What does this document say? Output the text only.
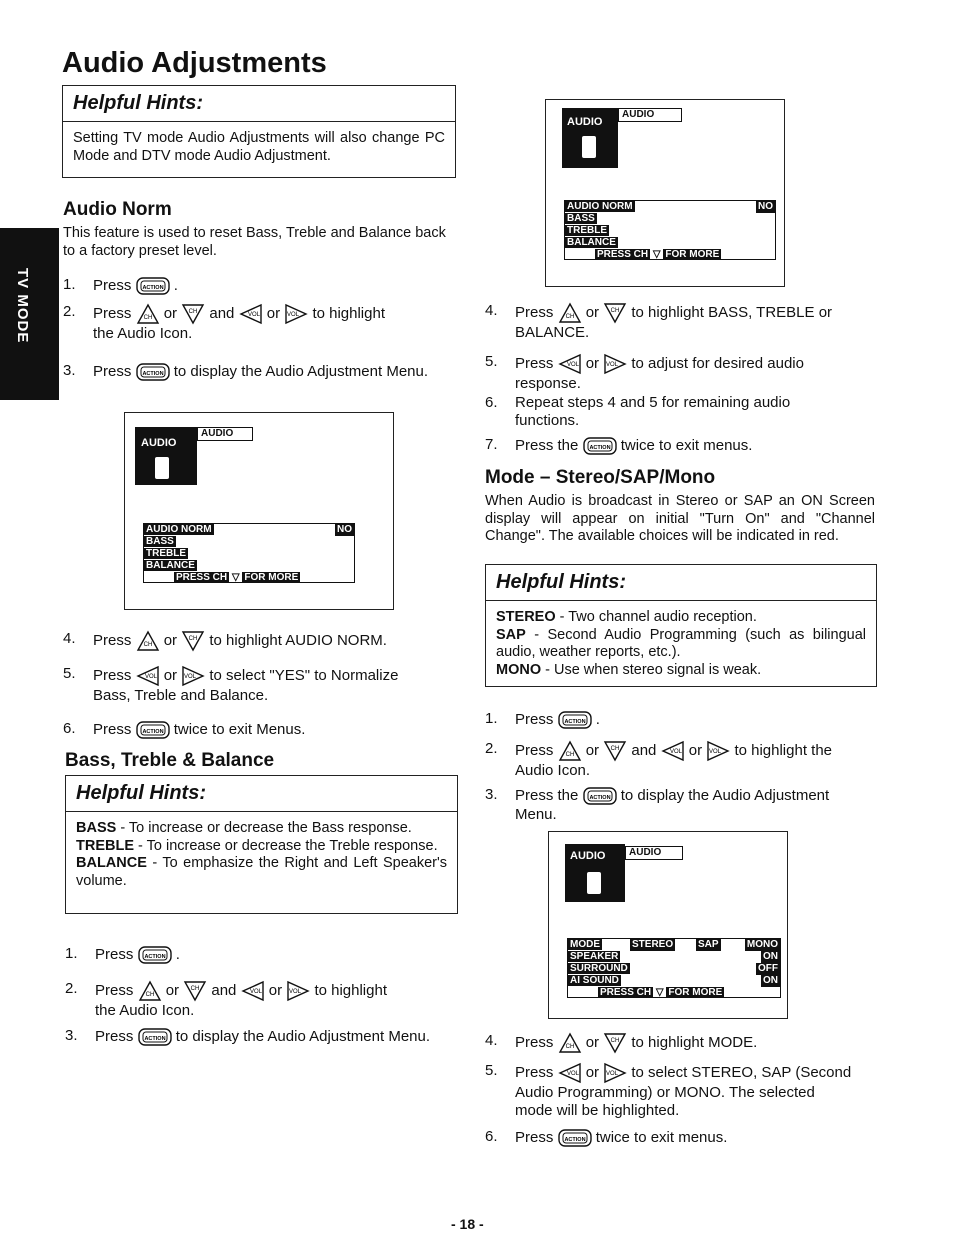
Audio Adjustments
TV MODE
Helpful Hints:
Setting TV mode Audio Adjustments will also change PC Mode and DTV mode Audio Adjustment.
Audio Norm
This feature is used to reset Bass, Treble and Balance back to a factory preset level.
1. Press	.
2. Press or and or to highlight
the Audio Icon.
3. Press	to display the Audio Adjustment Menu.
AUDIO
AUDIO
AUDIO NORM	NO
BASS
TREBLE
BALANCE
PRESS CH ▽ FOR MORE
4. Press or to highlight AUDIO NORM.
5. Press or to select "YES" to Normalize
Bass, Treble and Balance.
6. Press	twice to exit Menus.
Bass, Treble & Balance
Helpful Hints:
BASS - To increase or decrease the Bass response.
TREBLE - To increase or decrease the Treble response.
BALANCE - To emphasize the Right and Left Speaker's volume.
1. Press	.
2. Press or and or to highlight
the Audio Icon.
3. Press	to display the Audio Adjustment Menu.
AUDIO
AUDIO
AUDIO NORM	NO
BASS
TREBLE
BALANCE
PRESS CH ▽ FOR MORE
4. Press or to highlight BASS, TREBLE or
BALANCE.
5. Press or to adjust for desired audio
response.
6. Repeat steps 4 and 5 for remaining audio
functions.
7. Press the	twice to exit menus.
Mode – Stereo/SAP/Mono
When Audio is broadcast in Stereo or SAP an ON Screen display will appear on initial "Turn On" and "Channel Change". The available choices will be indicated in red.
Helpful Hints:
STEREO - Two channel audio reception.
SAP - Second Audio Programming (such as bilingual audio, weather reports, etc.).
MONO - Use when stereo signal is weak.
1. Press	.
2. Press or and or to highlight the
Audio Icon.
3. Press the	to display the Audio Adjustment
Menu.
AUDIO	AUDIO
MODE	STEREO SAP	MONO
SPEAKER	ON
SURROUND	OFF
AI SOUND	ON
PRESS CH ▽ FOR MORE
4. Press or to highlight MODE.
5. Press or to select STEREO, SAP (Second
Audio Programming) or MONO. The selected
mode will be highlighted.
6. Press	twice to exit menus.
- 18 -
